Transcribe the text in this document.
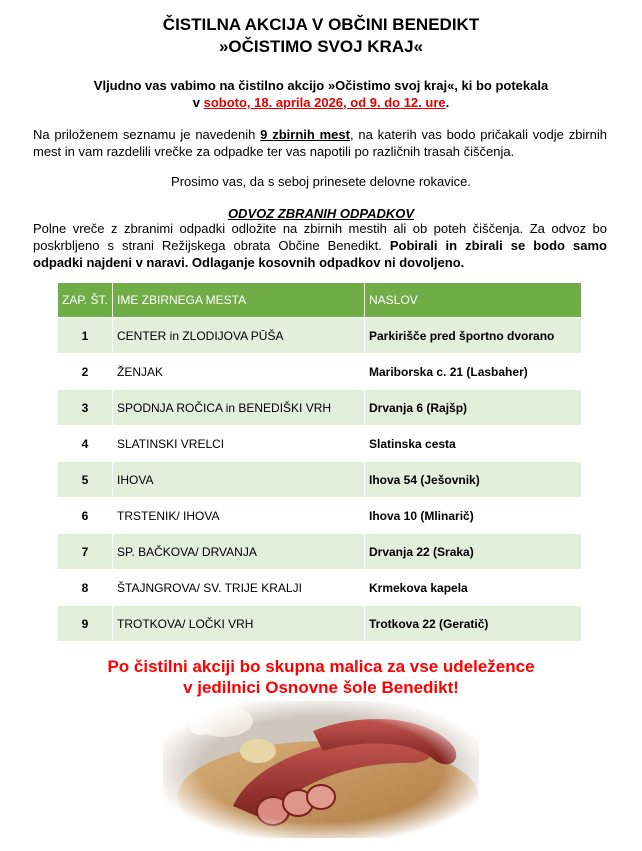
ČISTILNA AKCIJA V OBČINI BENEDIKT
»OČISTIMO SVOJ KRAJ«
Vljudno vas vabimo na čistilno akcijo »Očistimo svoj kraj«, ki bo potekala
v soboto, 18. aprila 2026, od 9. do 12. ure.
Na priloženem seznamu je navedenih 9 zbirnih mest, na katerih vas bodo pričakali vodje zbirnih mest in vam razdelili vrečke za odpadke ter vas napotili po različnih trasah čiščenja.
Prosimo vas, da s seboj prinesete delovne rokavice.
ODVOZ ZBRANIH ODPADKOV
Polne vreče z zbranimi odpadki odložite na zbirnih mestih ali ob poteh čiščenja. Za odvoz bo poskrbljeno s strani Režijskega obrata Občine Benedikt. Pobirali in zbirali se bodo samo odpadki najdeni v naravi. Odlaganje kosovnih odpadkov ni dovoljeno.
ZAP. ŠT.	IME ZBIRNEGA MESTA	NASLOV
1	CENTER in ZLODIJOVA PŪŠA	Parkirišče pred športno dvorano
2	ŽENJAK	Mariborska c. 21 (Lasbaher)
3	SPODNJA ROČICA in BENEDIŠKI VRH	Drvanja 6 (Rajšp)
4	SLATINSKI VRELCI	Slatinska cesta
5	IHOVA	Ihova 54 (Ješovnik)
6	TRSTENIK/ IHOVA	Ihova 10 (Mlinarič)
7	SP. BAČKOVA/ DRVANJA	Drvanja 22 (Sraka)
8	ŠTAJNGROVA/ SV. TRIJE KRALJI	Krmekova kapela
9	TROTKOVA/ LOČKI VRH	Trotkova 22 (Geratič)
Po čistilni akciji bo skupna malica za vse udeležence
v jedilnici Osnovne šole Benedikt!
